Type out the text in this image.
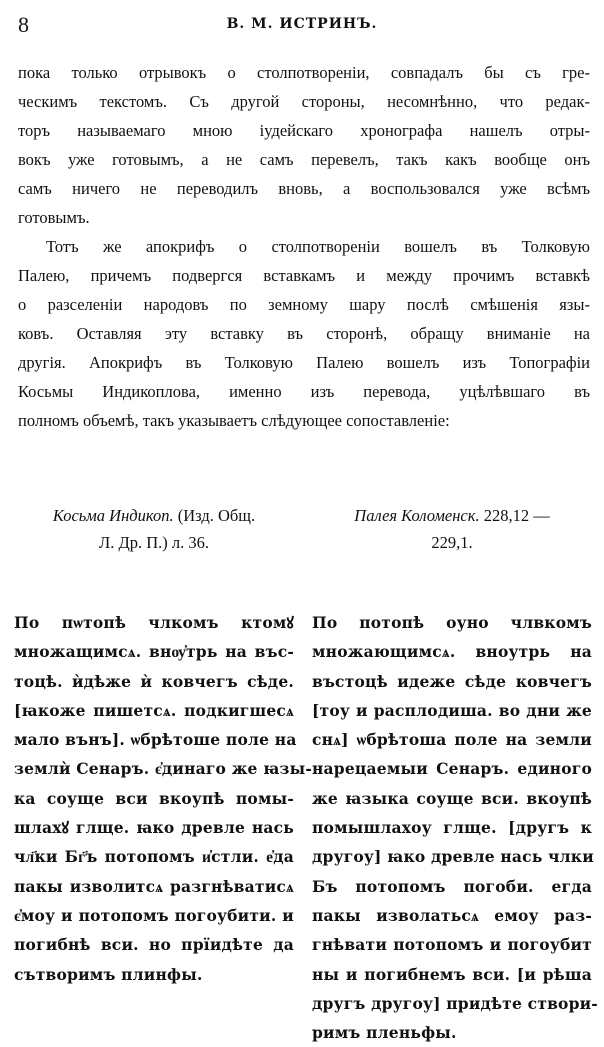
8	В. М. ИСТРИНЪ.

пока только отрывокъ о столпотвореніи, совпадалъ бы съ гре-
ческимъ текстомъ. Съ другой стороны, несомнѣнно, что редак-
торъ называемаго мною іудейскаго хронографа нашелъ отры-
вокъ уже готовымъ, а не самъ перевелъ, такъ какъ вообще онъ
самъ ничего не переводилъ вновь, а воспользовался уже всѣмъ
готовымъ.

Тотъ же апокрифъ о столпотвореніи вошелъ въ Толковую
Палею, причемъ подвергся вставкамъ и между прочимъ вставкѣ
о разселеніи народовъ по земному шару послѣ смѣшенія язы-
ковъ. Оставляя эту вставку въ сторонѣ, обращу вниманіе на
другія. Апокрифъ въ Толковую Палею вошелъ изъ Топографіи
Косьмы Индикоплова, именно изъ перевода, уцѣлѣвшаго въ
полномъ объемѣ, такъ указываетъ слѣдующее сопоставленіе:

Косьма Индикоп. (Изд. Общ.
Л. Др. П.) л. 36.
По пѡтопѣ члкомъ ктомꙋ
множащимсѧ. внѹ҆трь на въс-
тоцѣ. ѝдѣже ѝ ковчегъ сѣде.
[ꙗкоже пишетсѧ. подкигшесѧ
мало вънъ]. ѡбрѣтоше поле на
землѝ Сенаръ. є҆динаго же ꙗзы-
ка соуще вси вкоупѣ помы-
шлахꙋ глще. ꙗко древле нась
чл҃ки Бг҃ъ потопомъ и҆стли. е҆да
пакы изволитсѧ разгнѣватисѧ
є҆моу и потопомъ погоубити. и
погибнѣ вси. но прїидѣте да
сътворимъ плинфы.
Палея Коломенск. 228,12 —
229,1.
По потопѣ оуно члвкомъ
множающимсѧ. вноутрь на
въстоцѣ идеже сѣде ковчегъ
[тоу и расплодиша. во дни же
снѧ] ѡбрѣтоша поле на земли
нарецаемыи Сенаръ. единого
же ꙗзыка соуще вси. вкоупѣ
помышлахоу глще. [другъ к
другоу] ꙗко древле нась члки
Бъ потопомъ погоби. егда
пакы изволатьсѧ емоу раз-
гнѣвати потопомъ и погоубит
ны и погибнемъ вси. [и рѣша
другъ другоу] придѣте створи-
римъ пленьфы.
